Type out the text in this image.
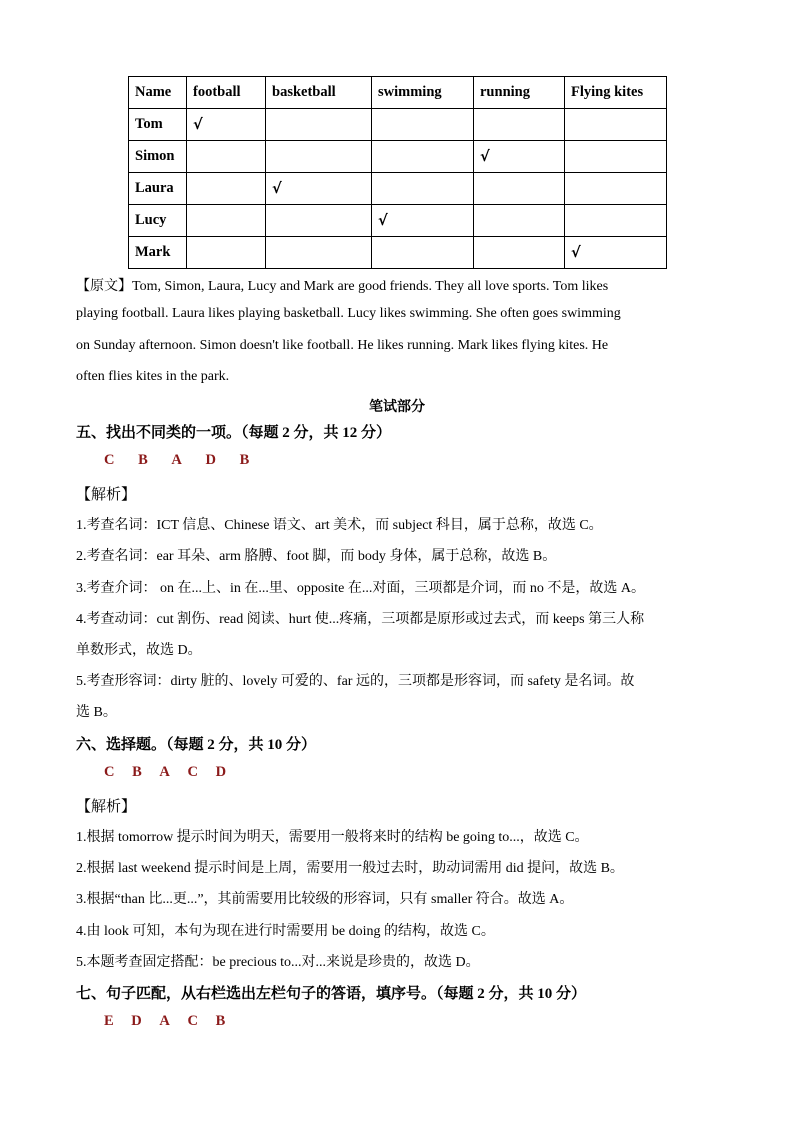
Name	football	basketball	swimming	running	Flying kites
Tom	√				
Simon				√	
Laura		√			
Lucy			√		
Mark					√
【原文】Tom, Simon, Laura, Lucy and Mark are good friends. They all love sports. Tom likes
playing football. Laura likes playing basketball. Lucy likes swimming. She often goes swimming
on Sunday afternoon. Simon doesn't like football. He likes running. Mark likes flying kites. He
often flies kites in the park.
笔试部分
五、找出不同类的一项。（每题 2 分，共 12 分）
C B A D B
【解析】
1.考查名词：ICT 信息、Chinese 语文、art 美术，而 subject 科目，属于总称，故选 C。
2.考查名词：ear 耳朵、arm 胳膊、foot 脚，而 body 身体，属于总称，故选 B。
3.考查介词： on 在...上、in 在...里、opposite 在...对面，三项都是介词，而 no 不是，故选 A。
4.考查动词：cut 割伤、read 阅读、hurt 使...疼痛，三项都是原形或过去式，而 keeps 第三人称
单数形式，故选 D。
5.考查形容词：dirty 脏的、lovely 可爱的、far 远的，三项都是形容词，而 safety 是名词。故
选 B。
六、选择题。（每题 2 分，共 10 分）
C B A C D
【解析】
1.根据 tomorrow 提示时间为明天，需要用一般将来时的结构 be going to...，故选 C。
2.根据 last weekend 提示时间是上周，需要用一般过去时，助动词需用 did 提问，故选 B。
3.根据“than 比...更...”，其前需要用比较级的形容词，只有 smaller 符合。故选 A。
4.由 look 可知，本句为现在进行时需要用 be doing 的结构，故选 C。
5.本题考查固定搭配：be precious to...对...来说是珍贵的，故选 D。
七、句子匹配，从右栏选出左栏句子的答语，填序号。（每题 2 分，共 10 分）
E D A C B
